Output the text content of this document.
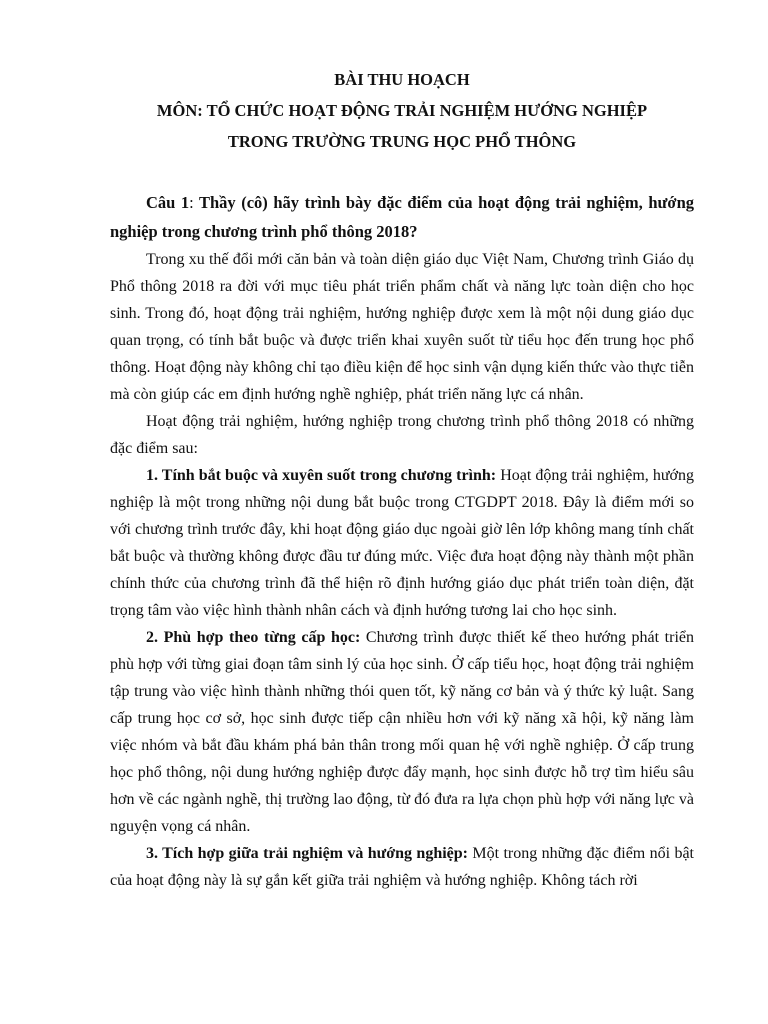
BÀI THU HOẠCH

MÔN: TỔ CHỨC HOẠT ĐỘNG TRẢI NGHIỆM HƯỚNG NGHIỆP

TRONG TRƯỜNG TRUNG HỌC PHỔ THÔNG

Câu 1: Thầy (cô) hãy trình bày đặc điểm của hoạt động trải nghiệm, hướng nghiệp trong chương trình phổ thông 2018?

Trong xu thế đổi mới căn bản và toàn diện giáo dục Việt Nam, Chương trình Giáo dụ Phổ thông 2018 ra đời với mục tiêu phát triển phẩm chất và năng lực toàn diện cho học sinh. Trong đó, hoạt động trải nghiệm, hướng nghiệp được xem là một nội dung giáo dục quan trọng, có tính bắt buộc và được triển khai xuyên suốt từ tiểu học đến trung học phổ thông. Hoạt động này không chỉ tạo điều kiện để học sinh vận dụng kiến thức vào thực tiễn mà còn giúp các em định hướng nghề nghiệp, phát triển năng lực cá nhân.

Hoạt động trải nghiệm, hướng nghiệp trong chương trình phổ thông 2018 có những đặc điểm sau:

1. Tính bắt buộc và xuyên suốt trong chương trình: Hoạt động trải nghiệm, hướng nghiệp là một trong những nội dung bắt buộc trong CTGDPT 2018. Đây là điểm mới so với chương trình trước đây, khi hoạt động giáo dục ngoài giờ lên lớp không mang tính chất bắt buộc và thường không được đầu tư đúng mức. Việc đưa hoạt động này thành một phần chính thức của chương trình đã thể hiện rõ định hướng giáo dục phát triển toàn diện, đặt trọng tâm vào việc hình thành nhân cách và định hướng tương lai cho học sinh.

2. Phù hợp theo từng cấp học: Chương trình được thiết kế theo hướng phát triển phù hợp với từng giai đoạn tâm sinh lý của học sinh. Ở cấp tiểu học, hoạt động trải nghiệm tập trung vào việc hình thành những thói quen tốt, kỹ năng cơ bản và ý thức kỷ luật. Sang cấp trung học cơ sở, học sinh được tiếp cận nhiều hơn với kỹ năng xã hội, kỹ năng làm việc nhóm và bắt đầu khám phá bản thân trong mối quan hệ với nghề nghiệp. Ở cấp trung học phổ thông, nội dung hướng nghiệp được đẩy mạnh, học sinh được hỗ trợ tìm hiểu sâu hơn về các ngành nghề, thị trường lao động, từ đó đưa ra lựa chọn phù hợp với năng lực và nguyện vọng cá nhân.

3. Tích hợp giữa trải nghiệm và hướng nghiệp: Một trong những đặc điểm nổi bật của hoạt động này là sự gắn kết giữa trải nghiệm và hướng nghiệp. Không tách rời
